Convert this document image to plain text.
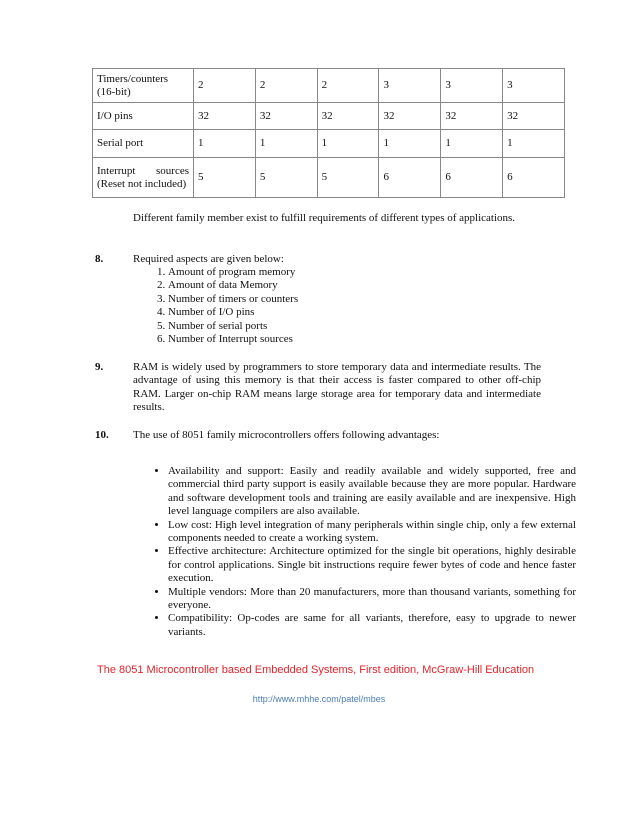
Timers/counters (16-bit)	2	2	2	3	3	3
I/O pins	32	32	32	32	32	32
Serial port	1	1	1	1	1	1
Interrupt sources (Reset not included)	5	5	5	6	6	6
Different family member exist to fulfill requirements of different types of applications.
8.	Required aspects are given below:
1. Amount of program memory
2. Amount of data Memory
3. Number of timers or counters
4. Number of I/O pins
5. Number of serial ports
6. Number of Interrupt sources
9.	RAM is widely used by programmers to store temporary data and intermediate results. The advantage of using this memory is that their access is faster compared to other off-chip RAM. Larger on-chip RAM means large storage area for temporary data and intermediate results.
10. The use of 8051 family microcontrollers offers following advantages:
• Availability and support: Easily and readily available and widely supported, free and commercial third party support is easily available because they are more popular. Hardware and software development tools and training are easily available and are inexpensive. High level language compilers are also available.
• Low cost: High level integration of many peripherals within single chip, only a few external components needed to create a working system.
• Effective architecture: Architecture optimized for the single bit operations, highly desirable for control applications. Single bit instructions require fewer bytes of code and hence faster execution.
• Multiple vendors: More than 20 manufacturers, more than thousand variants, something for everyone.
• Compatibility: Op-codes are same for all variants, therefore, easy to upgrade to newer variants.
The 8051 Microcontroller based Embedded Systems, First edition, McGraw-Hill Education
http://www.mhhe.com/patel/mbes
